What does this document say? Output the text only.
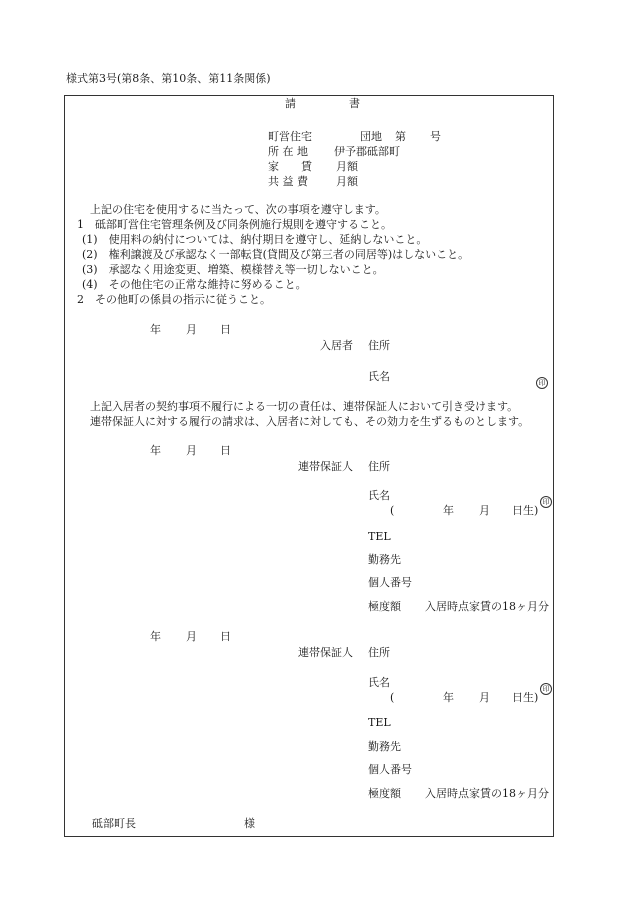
様式第3号(第8条、第10条、第11条関係)
請	書
町営住宅	団地 第 号
所 在 地 伊予郡砥部町
家　　賃 月額
共 益 費	月額
上記の住宅を使用するに当たって、次の事項を遵守します。
1　砥部町営住宅管理条例及び同条例施行規則を遵守すること。
(1)　使用料の納付については、納付期日を遵守し、延納しないこと。
(2)　権利譲渡及び承認なく一部転貸(貸間及び第三者の同居等)はしないこと。
(3)　承認なく用途変更、増築、模様替え等一切しないこと。
(4)　その他住宅の正常な維持に努めること。
2　その他町の係員の指示に従うこと。
年 月 日
入居者 住所
氏名	印
上記入居者の契約事項不履行による一切の責任は、連帯保証人において引き受けます。
連帯保証人に対する履行の請求は、入居者に対しても、その効力を生ずるものとします。
年 月 日
連帯保証人 住所
氏名	印
(	年 月 日生)
TEL
勤務先
個人番号
極度額 入居時点家賃の18ヶ月分
年 月 日
連帯保証人 住所
氏名	印
(	年 月 日生)
TEL
勤務先
個人番号
極度額 入居時点家賃の18ヶ月分
砥部町長	様
